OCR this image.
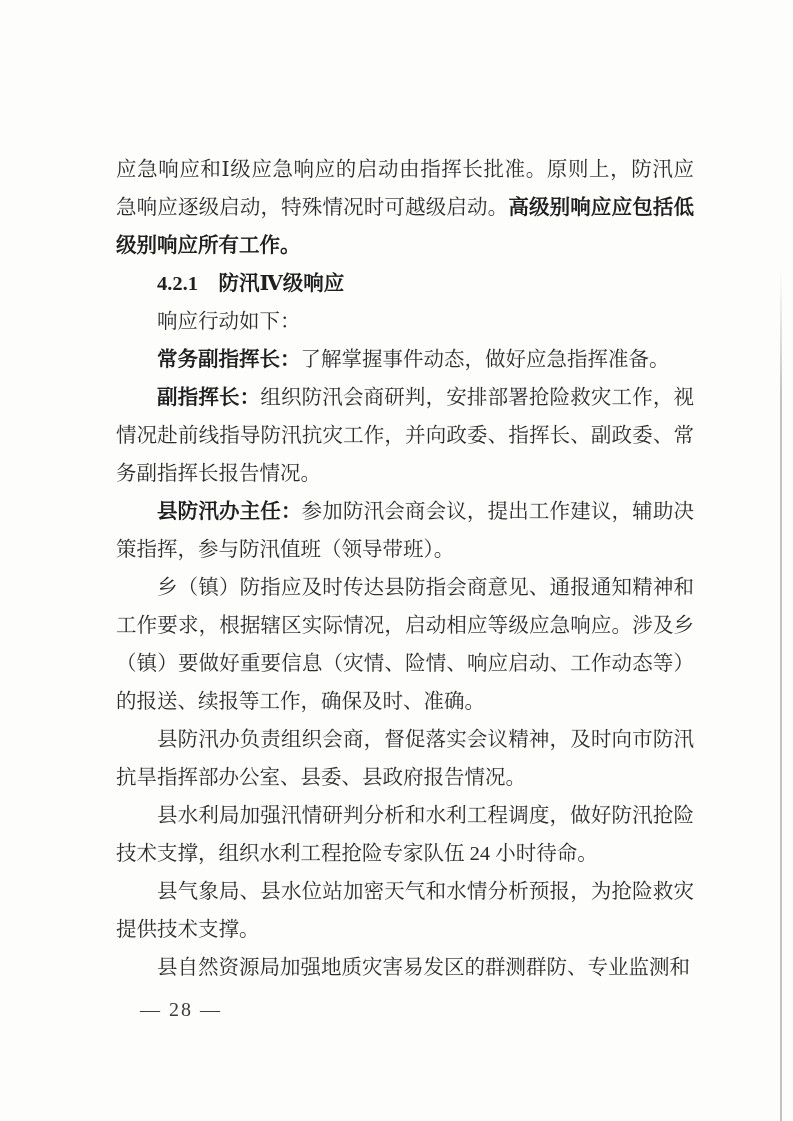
应急响应和Ⅰ级应急响应的启动由指挥长批准。原则上，防汛应急响应逐级启动，特殊情况时可越级启动。高级别响应应包括低级别响应所有工作。

4.2.1　防汛Ⅳ级响应

响应行动如下：

常务副指挥长：了解掌握事件动态，做好应急指挥准备。

副指挥长：组织防汛会商研判，安排部署抢险救灾工作，视情况赴前线指导防汛抗灾工作，并向政委、指挥长、副政委、常务副指挥长报告情况。

县防汛办主任：参加防汛会商会议，提出工作建议，辅助决策指挥，参与防汛值班（领导带班）。

乡（镇）防指应及时传达县防指会商意见、通报通知精神和工作要求，根据辖区实际情况，启动相应等级应急响应。涉及乡（镇）要做好重要信息（灾情、险情、响应启动、工作动态等）的报送、续报等工作，确保及时、准确。

县防汛办负责组织会商，督促落实会议精神，及时向市防汛抗旱指挥部办公室、县委、县政府报告情况。

县水利局加强汛情研判分析和水利工程调度，做好防汛抢险技术支撑，组织水利工程抢险专家队伍 24 小时待命。

县气象局、县水位站加密天气和水情分析预报，为抢险救灾提供技术支撑。

县自然资源局加强地质灾害易发区的群测群防、专业监测和

— 28 —
